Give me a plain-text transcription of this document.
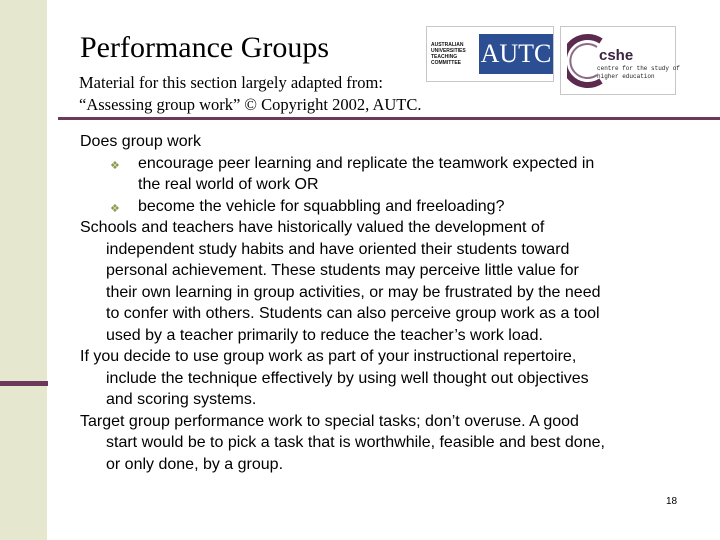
Performance Groups
Material for this section largely adapted from:
“Assessing group work” © Copyright 2002, AUTC.
AUSTRALIAN
UNIVERSITIES
TEACHING
COMMITTEE AUTC	cshe
centre for the study of
higher education
Does group work
❖ encourage peer learning and replicate the teamwork expected in
the real world of work OR
❖ become the vehicle for squabbling and freeloading?
Schools and teachers have historically valued the development of
independent study habits and have oriented their students toward
personal achievement. These students may perceive little value for
their own learning in group activities, or may be frustrated by the need
to confer with others. Students can also perceive group work as a tool
used by a teacher primarily to reduce the teacher’s work load.
If you decide to use group work as part of your instructional repertoire,
include the technique effectively by using well thought out objectives
and scoring systems.
Target group performance work to special tasks; don’t overuse. A good
start would be to pick a task that is worthwhile, feasible and best done,
or only done, by a group.
18
